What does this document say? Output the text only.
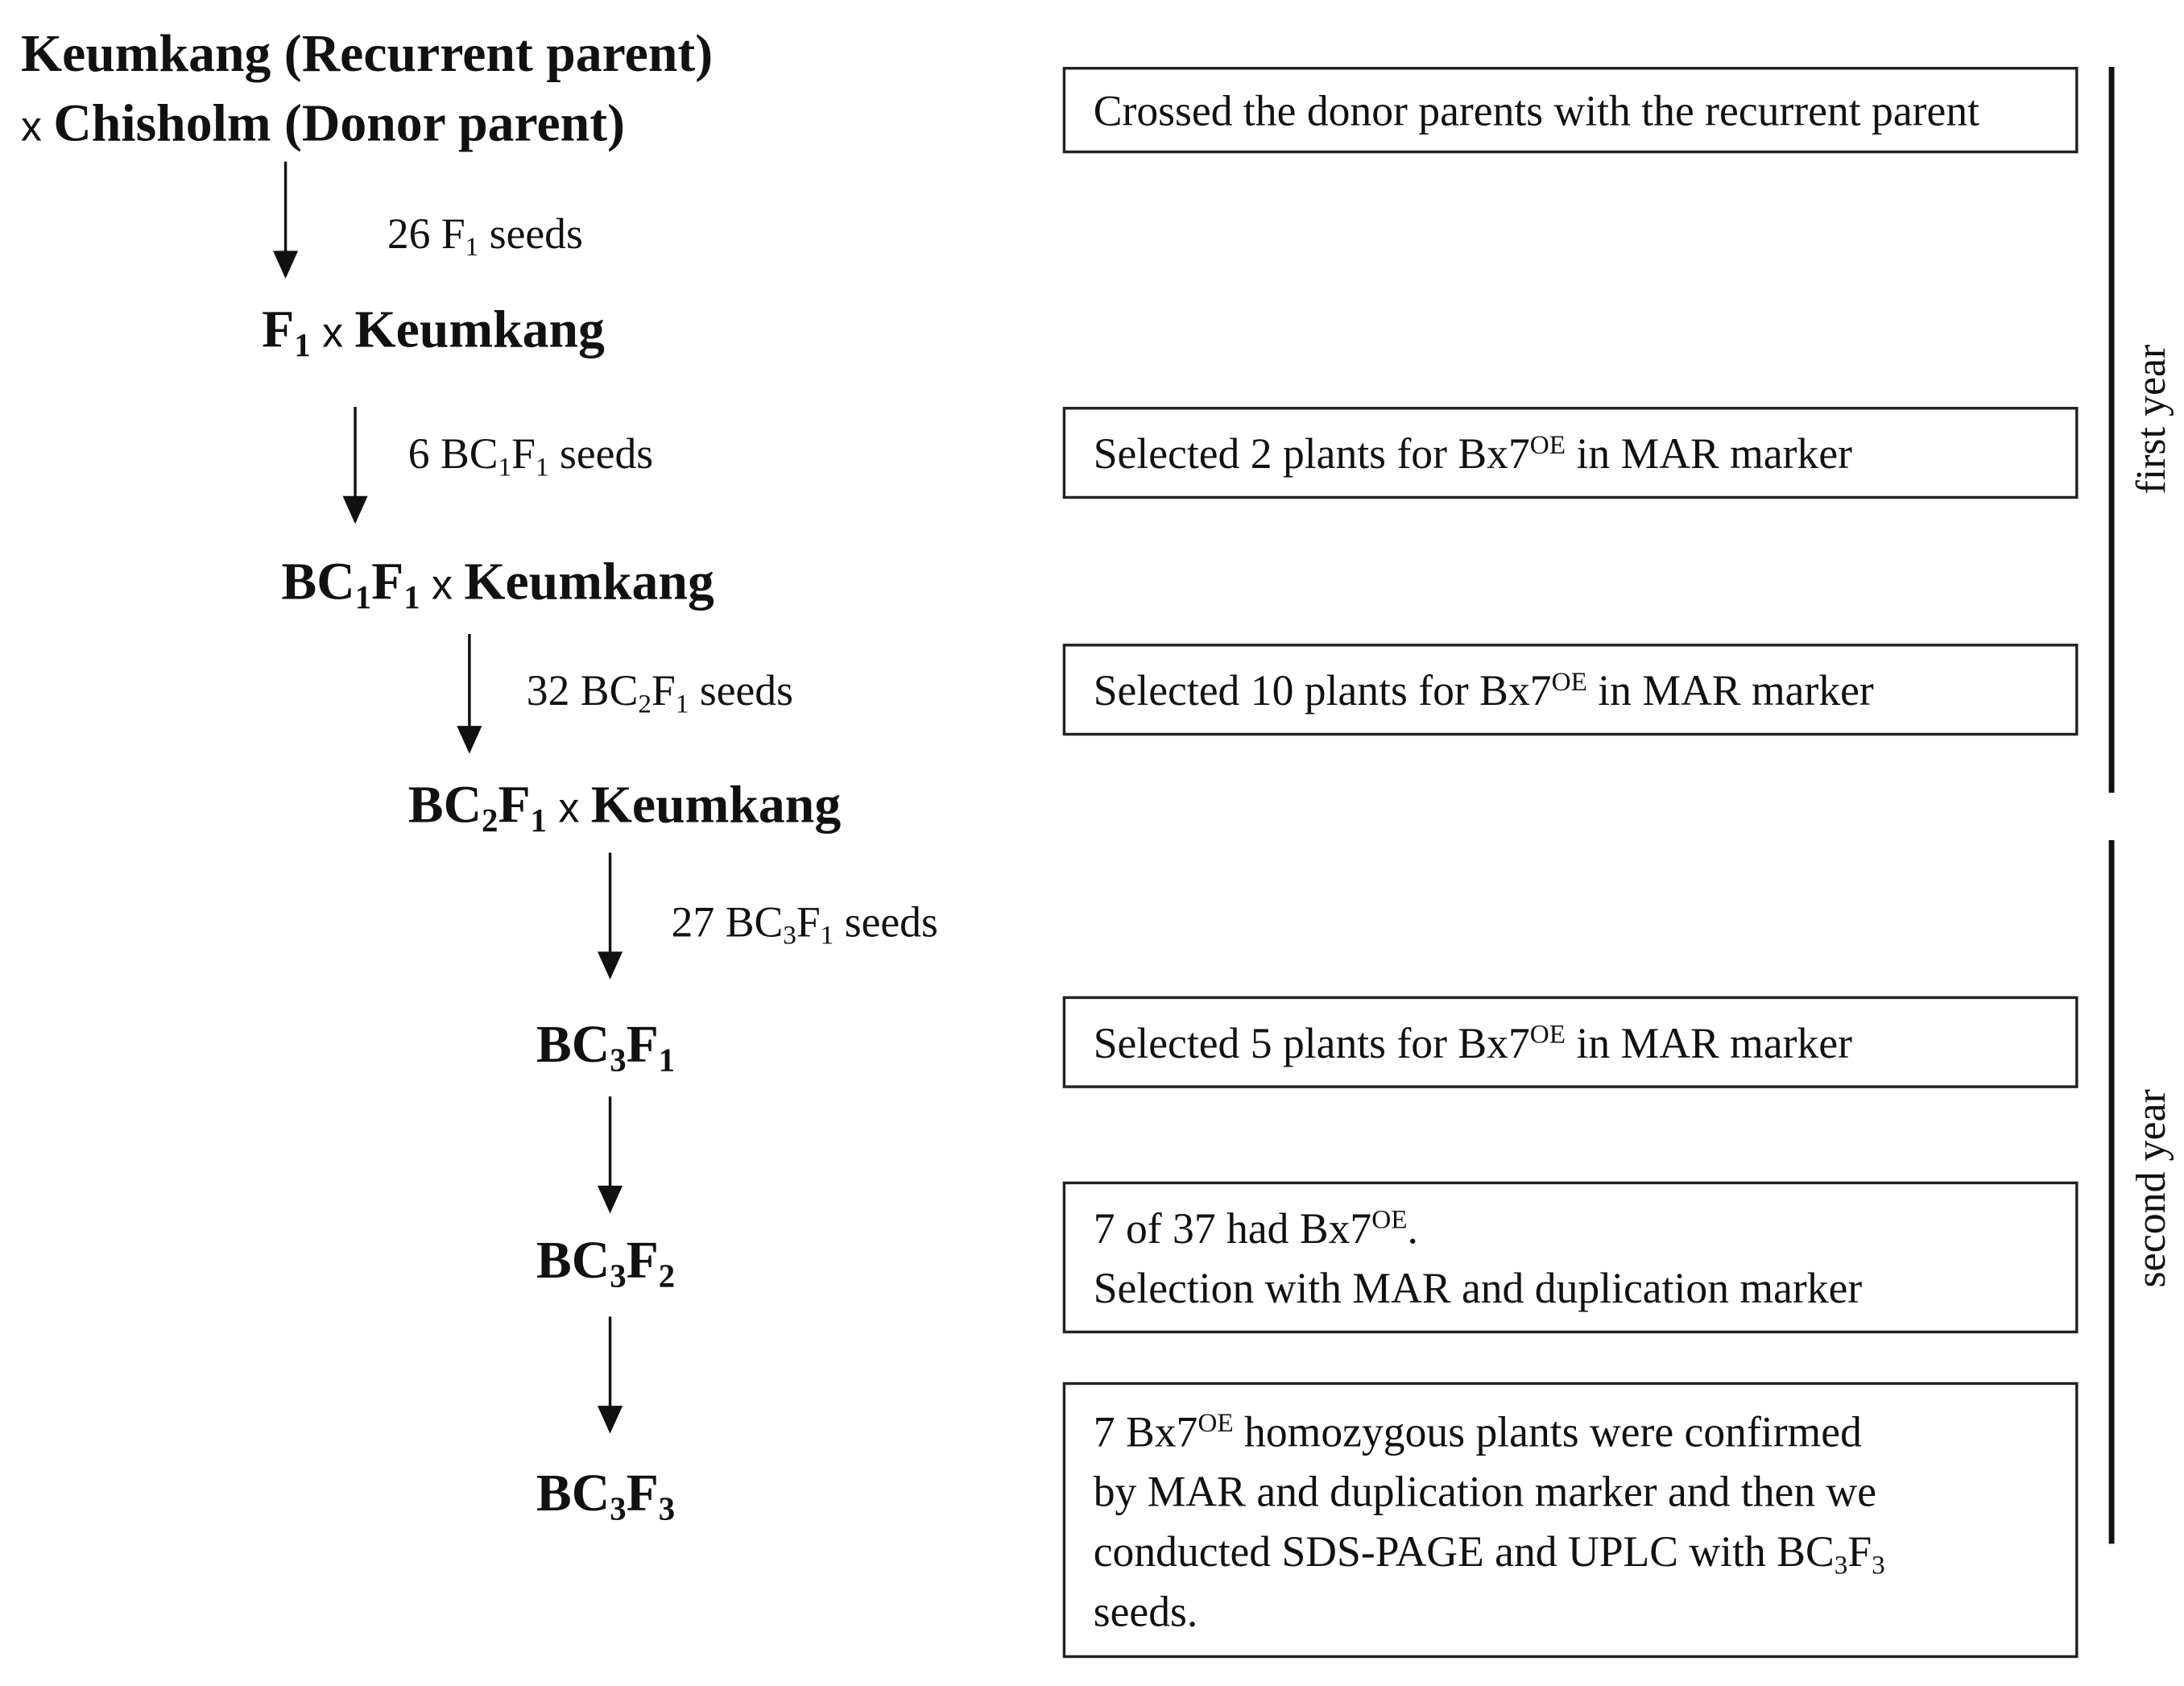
Keumkang (Recurrent parent)
x Chisholm (Donor parent)
26 $F_1$ seeds
$F_1$ x Keumkang
6 $BC_1F_1$ seeds
$BC_1F_1$ x Keumkang
32 $BC_2F_1$ seeds
$BC_2F_1$ x Keumkang
27 $BC_3F_1$ seeds
$BC_3F_1$
$BC_3F_2$
$BC_3F_3$
Crossed the donor parents with the recurrent parent
Selected 2 plants for $Bx7^{OE}$ in MAR marker
Selected 10 plants for $Bx7^{OE}$ in MAR marker
Selected 5 plants for $Bx7^{OE}$ in MAR marker
7 of 37 had $Bx7^{OE}$.
Selection with MAR and duplication marker
7 $Bx7^{OE}$ homozygous plants were confirmed
by MAR and duplication marker and then we
conducted SDS-PAGE and UPLC with $BC_3F_3$
seeds.
first year
second year
